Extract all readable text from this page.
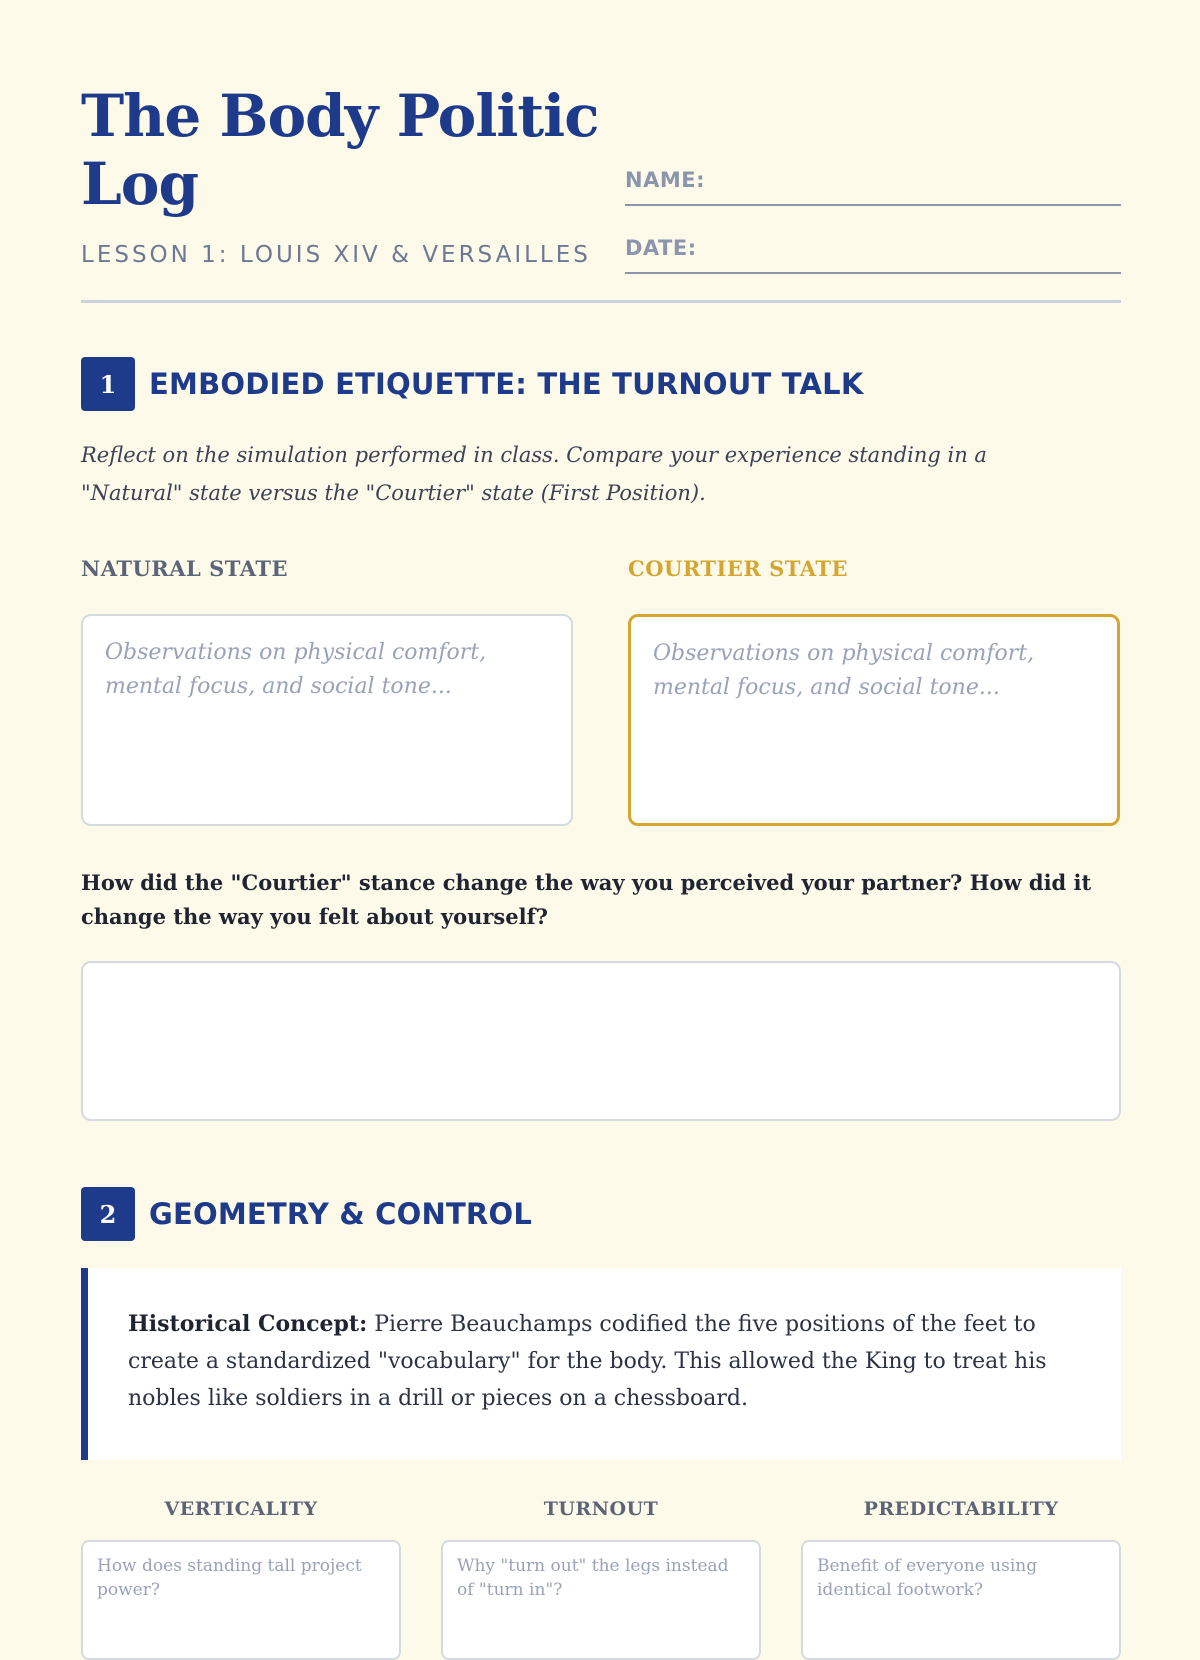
The Body Politic Log
LESSON 1: LOUIS XIV & VERSAILLES
NAME:
DATE:
1	EMBODIED ETIQUETTE: THE TURNOUT TALK
Reflect on the simulation performed in class. Compare your experience standing in a "Natural" state versus the "Courtier" state (First Position).
NATURAL STATE	COURTIER STATE
Observations on physical comfort, mental focus, and social tone...
Observations on physical comfort, mental focus, and social tone...
How did the "Courtier" stance change the way you perceived your partner? How did it change the way you felt about yourself?
2	GEOMETRY & CONTROL
Historical Concept: Pierre Beauchamps codified the five positions of the feet to create a standardized "vocabulary" for the body. This allowed the King to treat his nobles like soldiers in a drill or pieces on a chessboard.
VERTICALITY
How does standing tall project power?
TURNOUT
Why "turn out" the legs instead of "turn in"?
PREDICTABILITY
Benefit of everyone using identical footwork?
